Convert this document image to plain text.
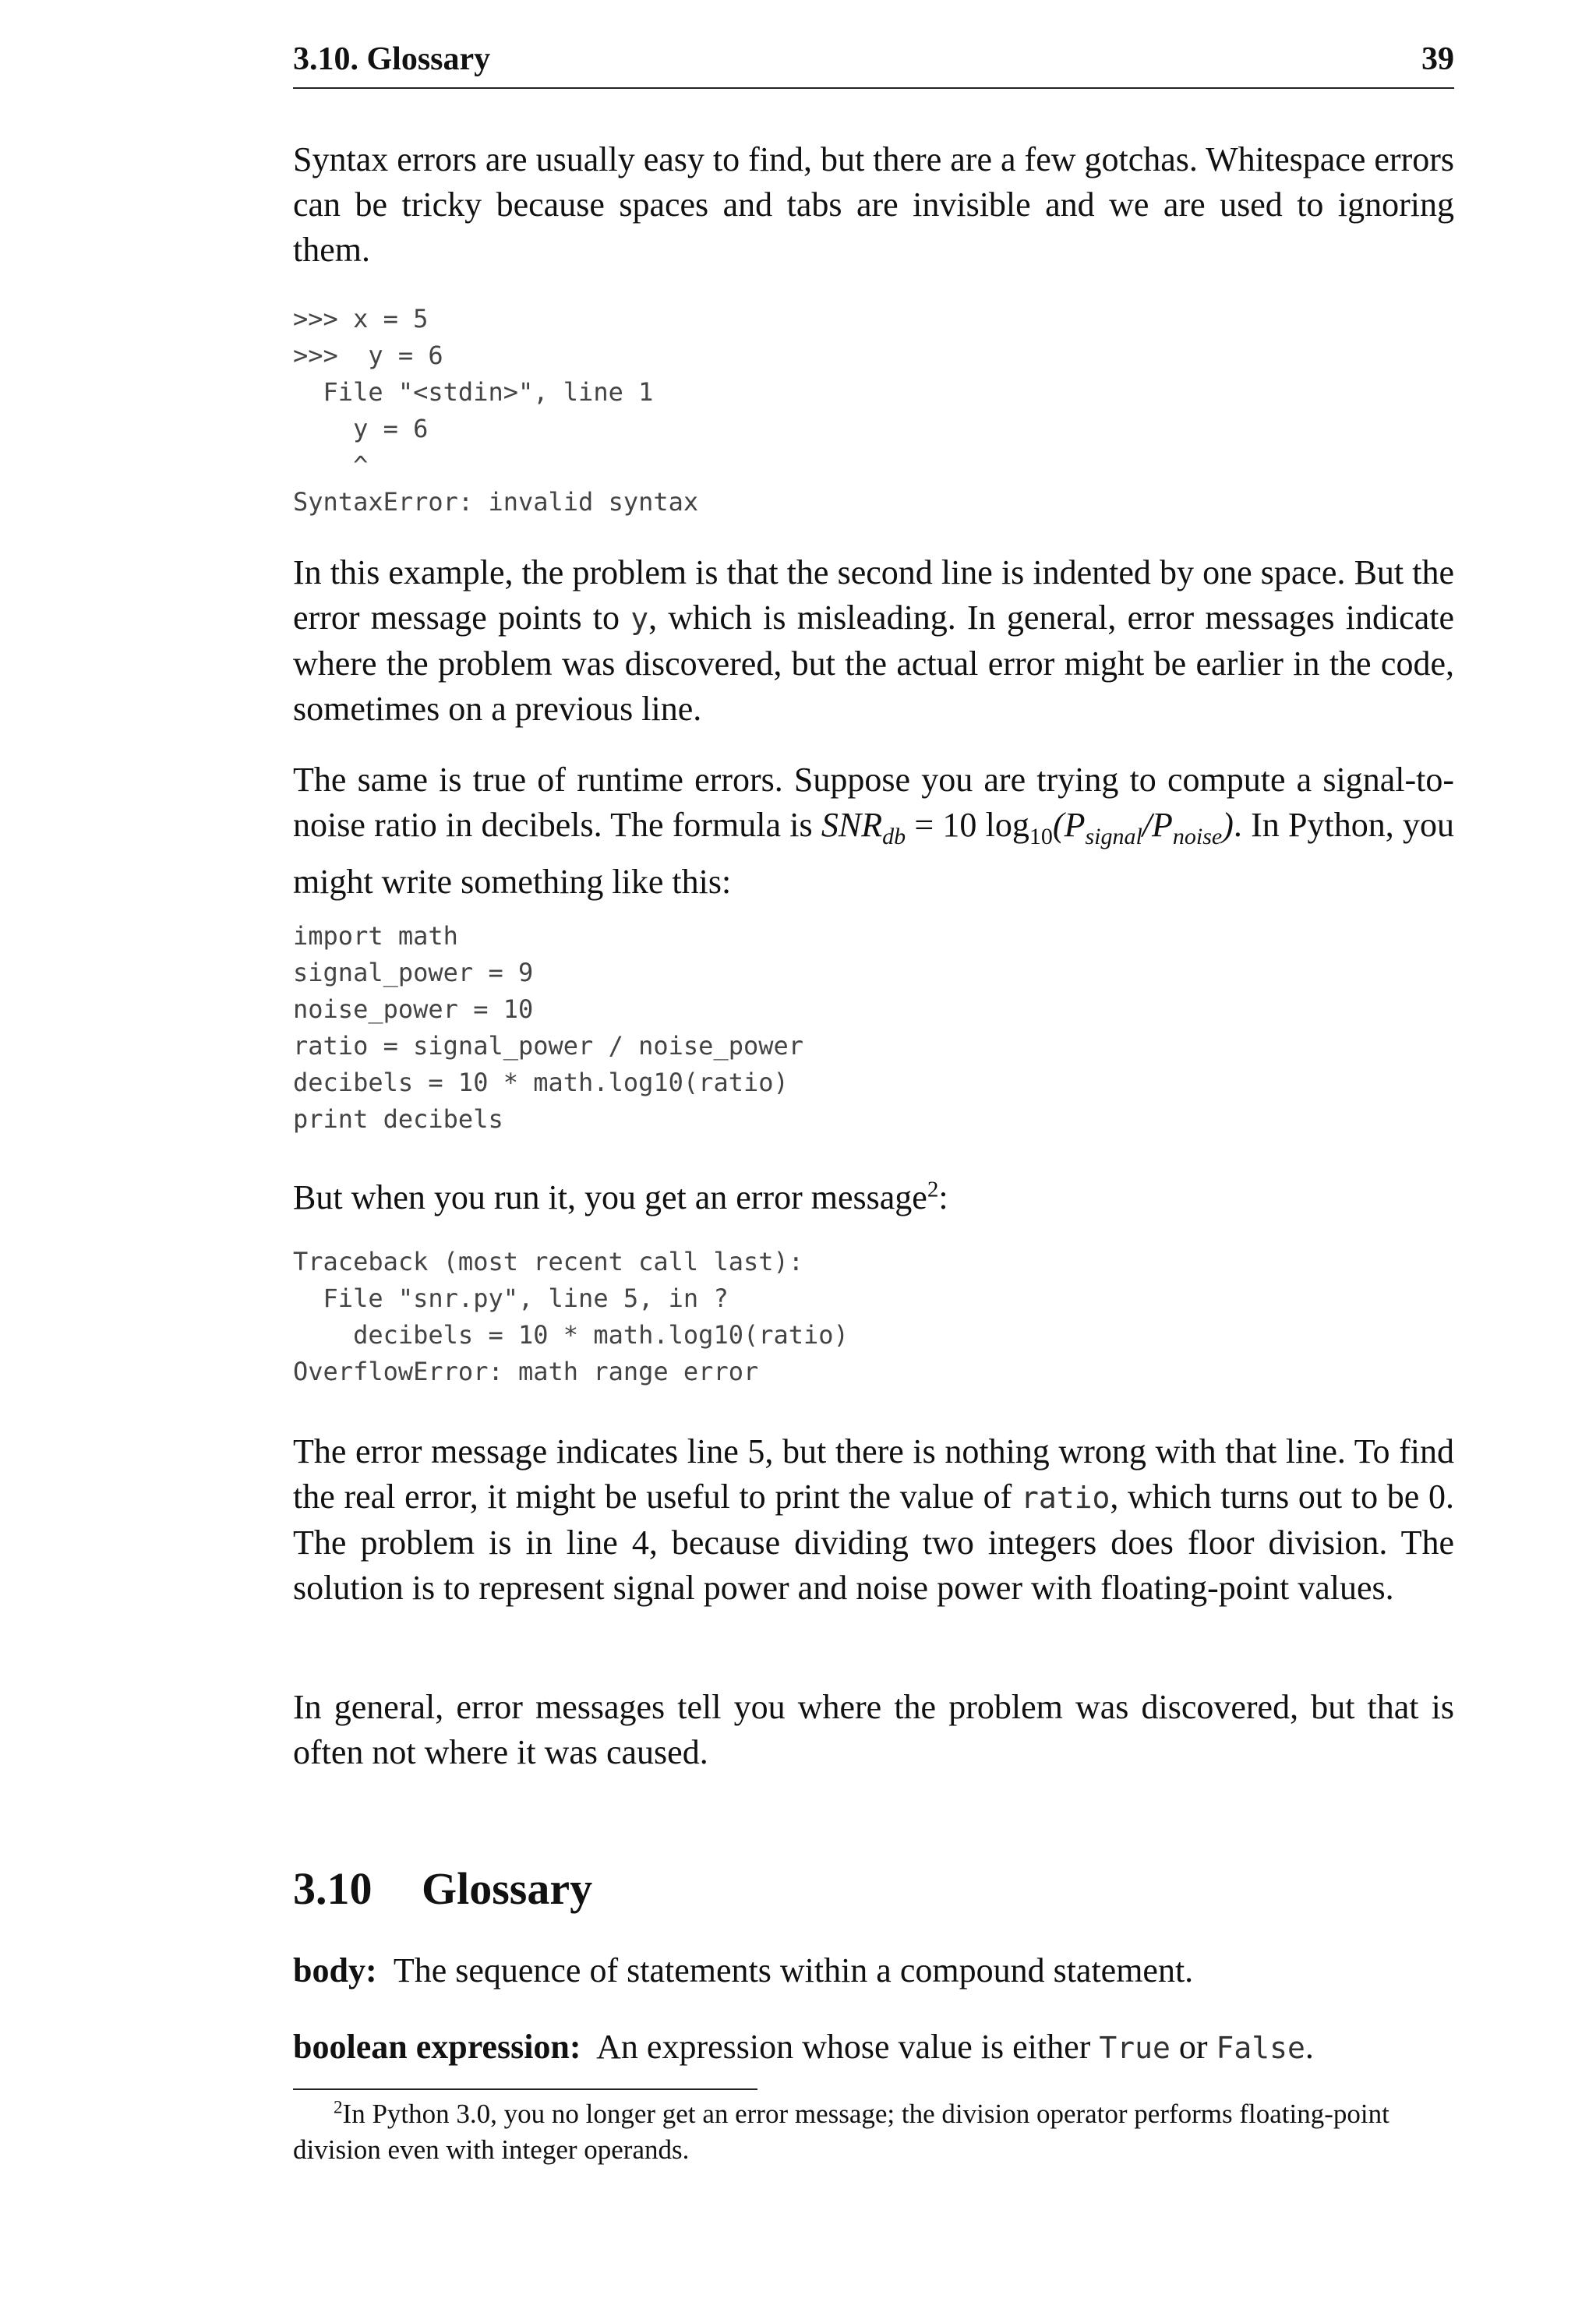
3.10. Glossary	39

Syntax errors are usually easy to find, but there are a few gotchas. Whitespace errors can be tricky because spaces and tabs are invisible and we are used to ignoring them.

>>> x = 5
>>>  y = 6
File "<stdin>", line 1
y = 6
^
SyntaxError: invalid syntax

In this example, the problem is that the second line is indented by one space. But the error message points to y, which is misleading. In general, error messages indicate where the problem was discovered, but the actual error might be earlier in the code, sometimes on a previous line.

The same is true of runtime errors. Suppose you are trying to compute a signal-to-noise ratio in decibels. The formula is $SNR_{db} = 10$ $\log_{10}(P_{signal}/P_{noise})$. In Python, you might write something like this:

import math
signal_power = 9
noise_power = 10
ratio = signal_power / noise_power
decibels = 10 * math.log10(ratio)
print decibels

But when you run it, you get an error message$^2$:

Traceback (most recent call last):
File "snr.py", line 5, in ?
decibels = 10 * math.log10(ratio)
OverflowError: math range error

The error message indicates line 5, but there is nothing wrong with that line. To find the real error, it might be useful to print the value of ratio, which turns out to be 0. The problem is in line 4, because dividing two integers does floor division. The solution is to represent signal power and noise power with floating-point values.

In general, error messages tell you where the problem was discovered, but that is often not where it was caused.

3.10 Glossary

body: The sequence of statements within a compound statement.

boolean expression: An expression whose value is either True or False.

$^2$In Python 3.0, you no longer get an error message; the division operator performs floating-point division even with integer operands.
